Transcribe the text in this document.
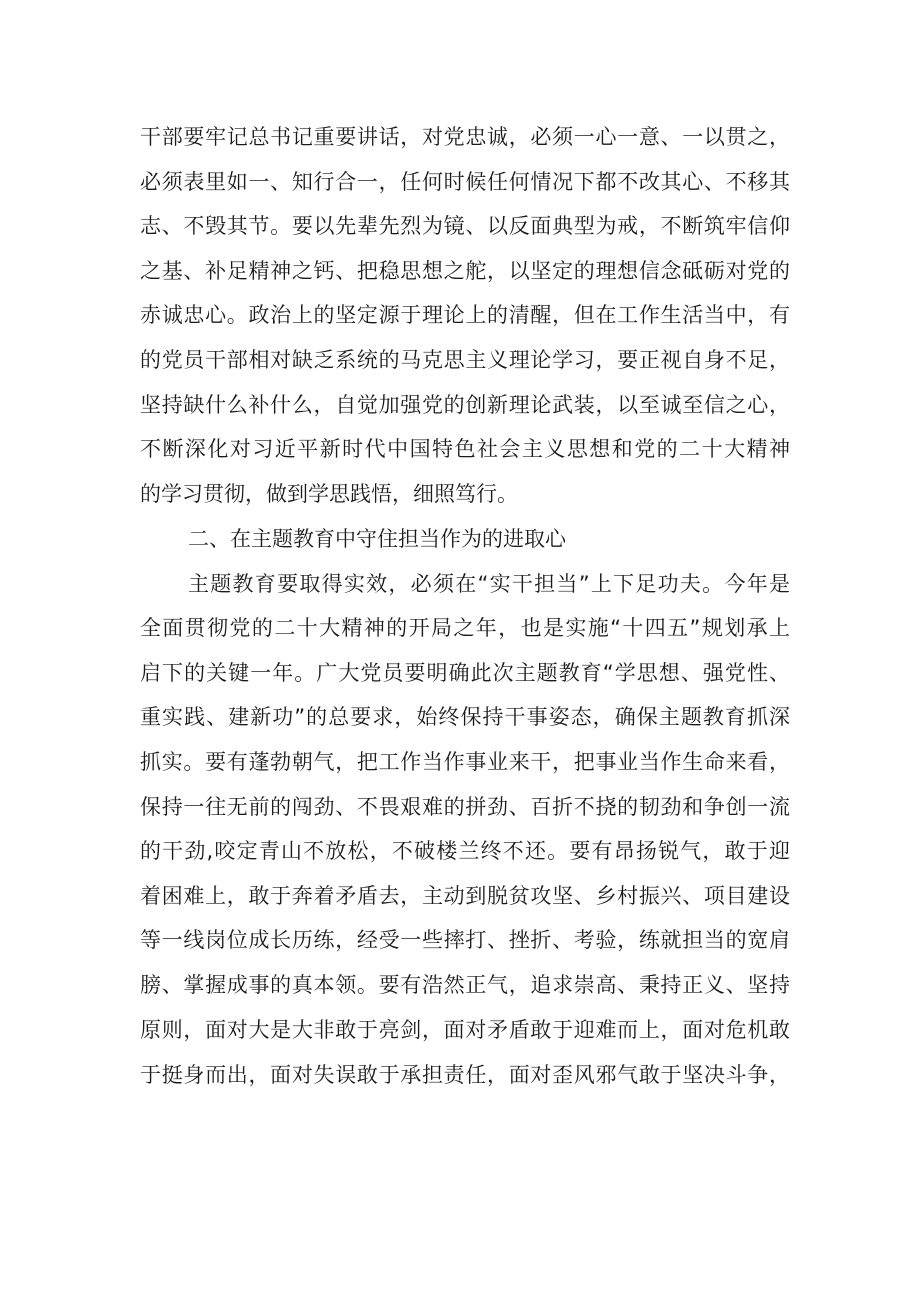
干部要牢记总书记重要讲话，对党忠诚，必须一心一意、一以贯之，
必须表里如一、知行合一，任何时候任何情况下都不改其心、不移其
志、不毁其节。要以先辈先烈为镜、以反面典型为戒，不断筑牢信仰
之基、补足精神之钙、把稳思想之舵，以坚定的理想信念砥砺对党的
赤诚忠心。政治上的坚定源于理论上的清醒，但在工作生活当中，有
的党员干部相对缺乏系统的马克思主义理论学习，要正视自身不足，
坚持缺什么补什么，自觉加强党的创新理论武装，以至诚至信之心，
不断深化对习近平新时代中国特色社会主义思想和党的二十大精神
的学习贯彻，做到学思践悟，细照笃行。
二、在主题教育中守住担当作为的进取心
主题教育要取得实效，必须在“实干担当”上下足功夫。今年是
全面贯彻党的二十大精神的开局之年，也是实施“十四五”规划承上
启下的关键一年。广大党员要明确此次主题教育“学思想、强党性、
重实践、建新功”的总要求，始终保持干事姿态，确保主题教育抓深
抓实。要有蓬勃朝气，把工作当作事业来干，把事业当作生命来看，
保持一往无前的闯劲、不畏艰难的拼劲、百折不挠的韧劲和争创一流
的干劲,咬定青山不放松，不破楼兰终不还。要有昂扬锐气，敢于迎
着困难上，敢于奔着矛盾去，主动到脱贫攻坚、乡村振兴、项目建设
等一线岗位成长历练，经受一些摔打、挫折、考验，练就担当的宽肩
膀、掌握成事的真本领。要有浩然正气，追求崇高、秉持正义、坚持
原则，面对大是大非敢于亮剑，面对矛盾敢于迎难而上，面对危机敢
于挺身而出，面对失误敢于承担责任，面对歪风邪气敢于坚决斗争，
